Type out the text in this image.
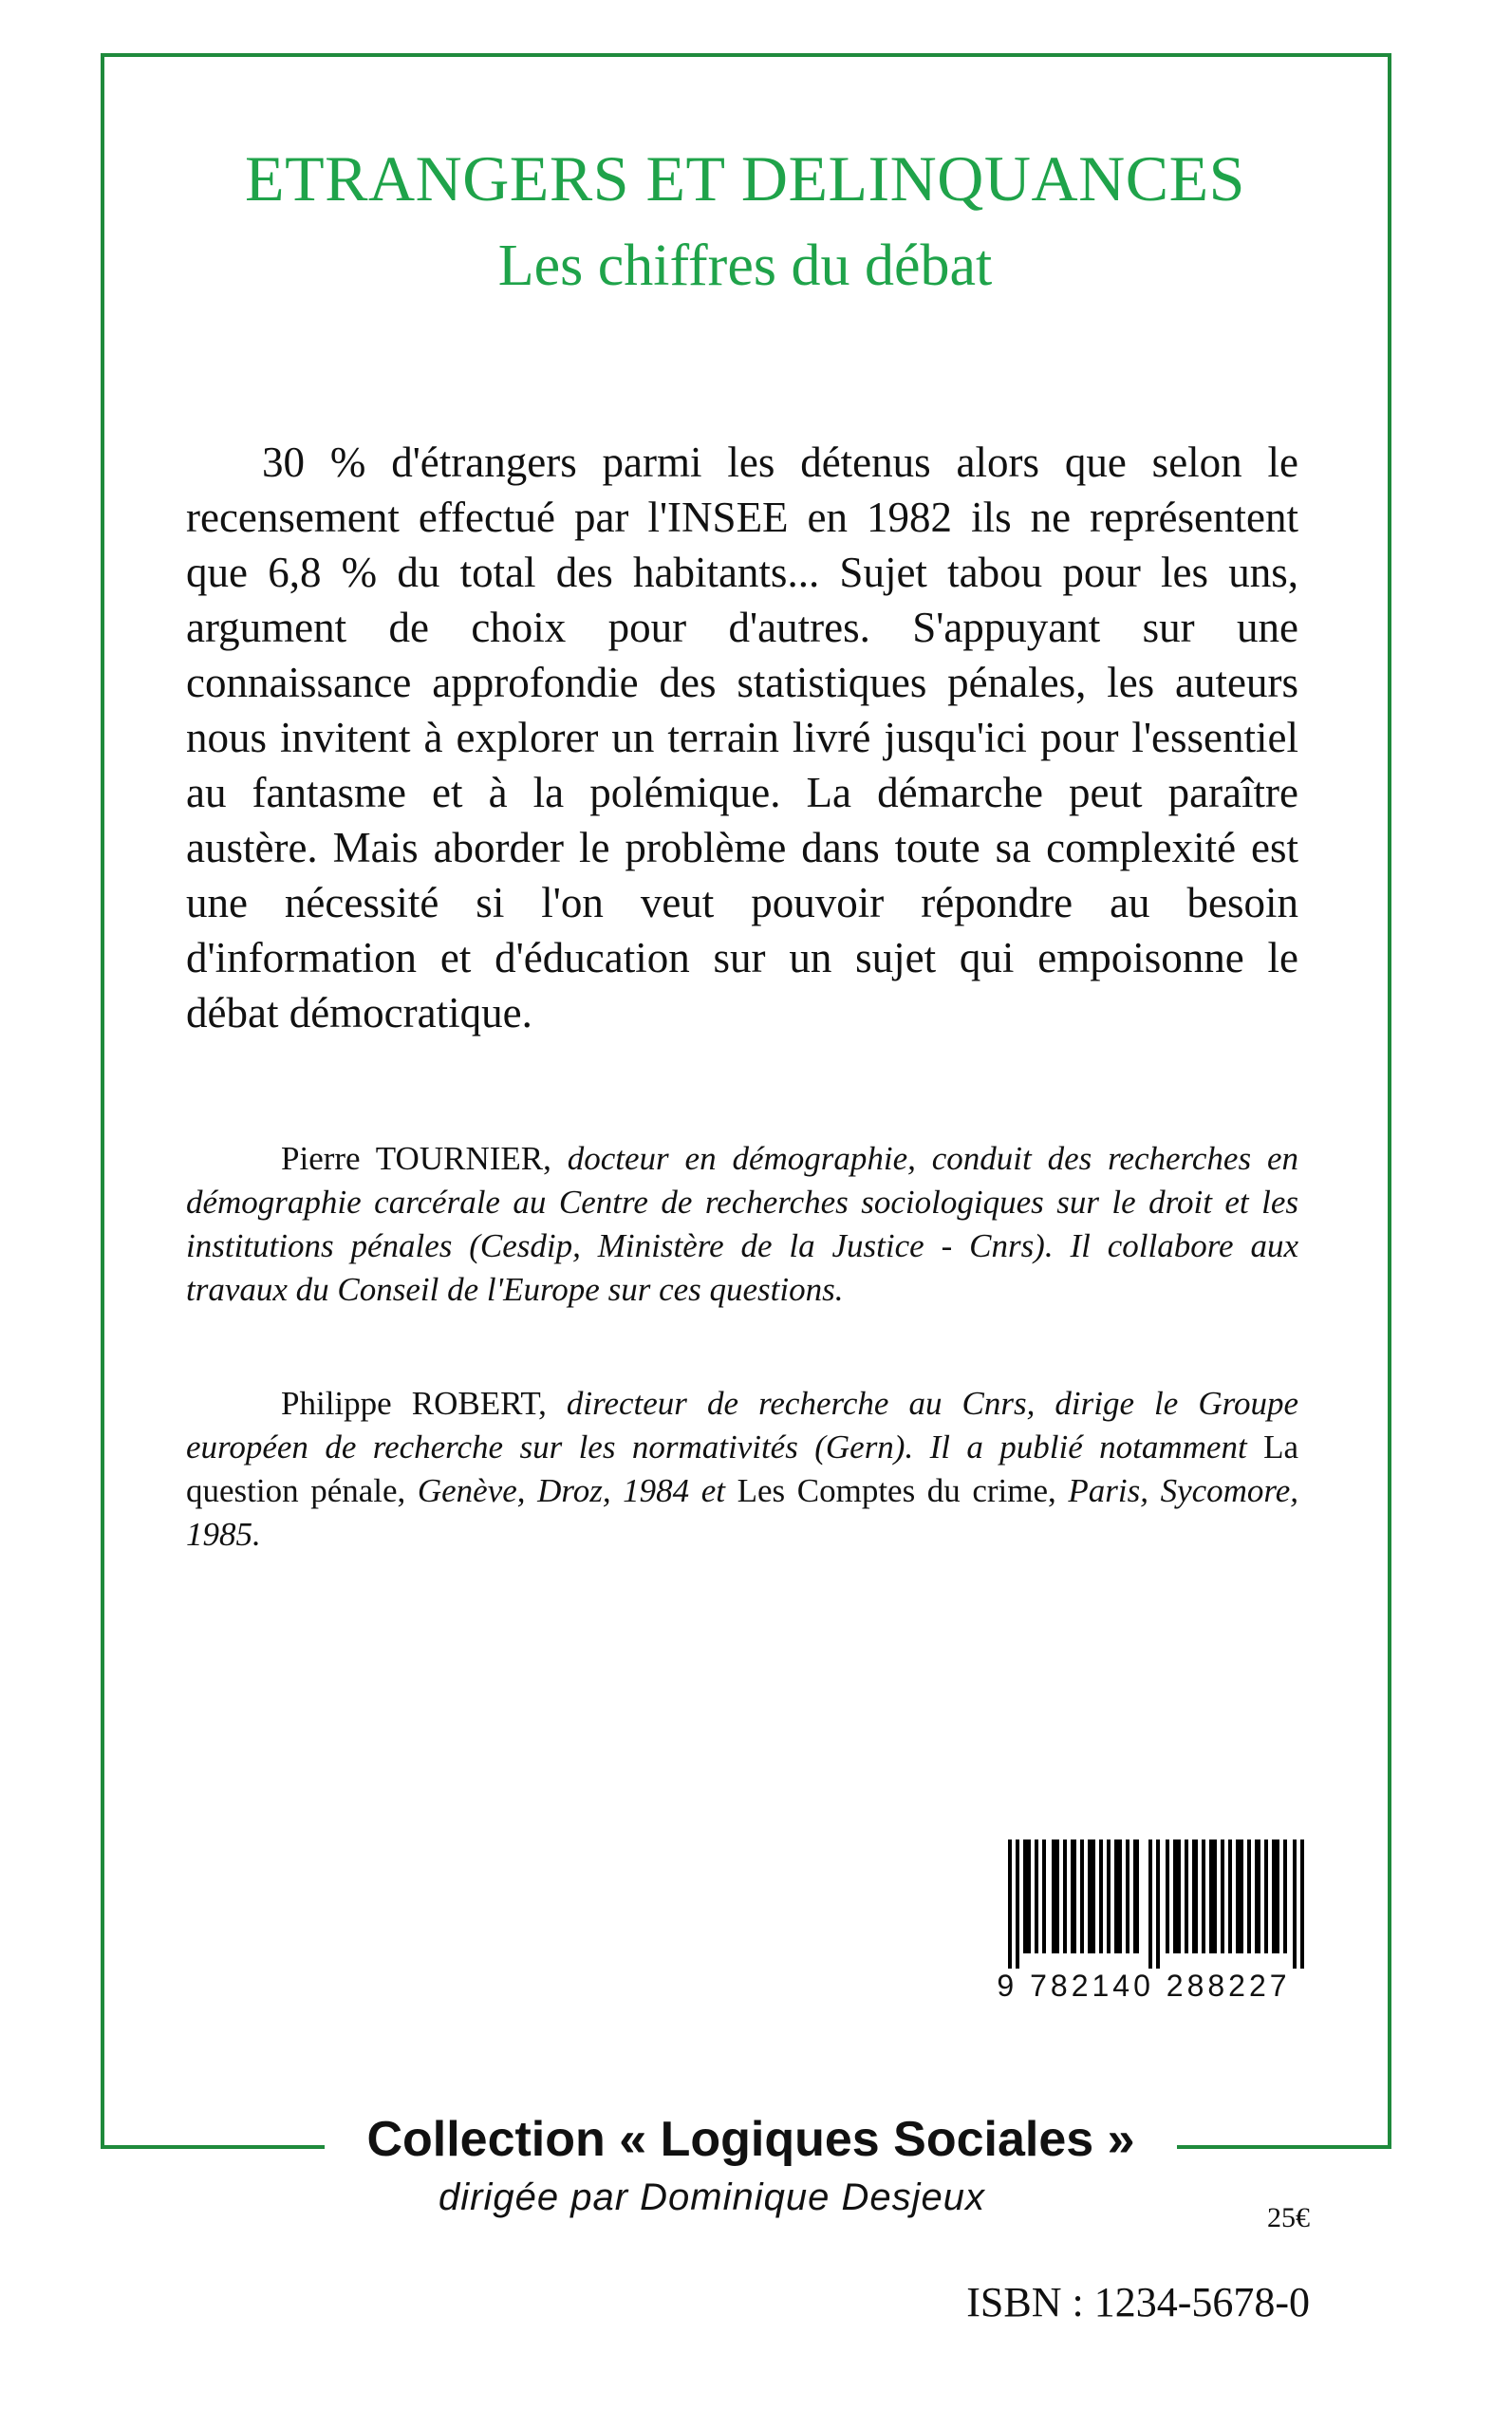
ETRANGERS ET DELINQUANCES
Les chiffres du débat

30 % d'étrangers parmi les détenus alors que selon le recensement effectué par l'INSEE en 1982 ils ne représentent que 6,8 % du total des habitants... Sujet tabou pour les uns, argument de choix pour d'autres. S'appuyant sur une connaissance approfondie des statistiques pénales, les auteurs nous invitent à explorer un terrain livré jusqu'ici pour l'essentiel au fantasme et à la polémique. La démarche peut paraître austère. Mais aborder le problème dans toute sa complexité est une nécessité si l'on veut pouvoir répondre au besoin d'information et d'éducation sur un sujet qui empoisonne le débat démocratique.

Pierre TOURNIER, docteur en démographie, conduit des recherches en démographie carcérale au Centre de recherches sociologiques sur le droit et les institutions pénales (Cesdip, Ministère de la Justice - Cnrs). Il collabore aux travaux du Conseil de l'Europe sur ces questions.

Philippe ROBERT, directeur de recherche au Cnrs, dirige le Groupe européen de recherche sur les normativités (Gern). Il a publié notamment La question pénale, Genève, Droz, 1984 et Les Comptes du crime, Paris, Sycomore, 1985.

9 782140 288227
Collection « Logiques Sociales »
dirigée par Dominique Desjeux	25€
ISBN : 1234-5678-0
